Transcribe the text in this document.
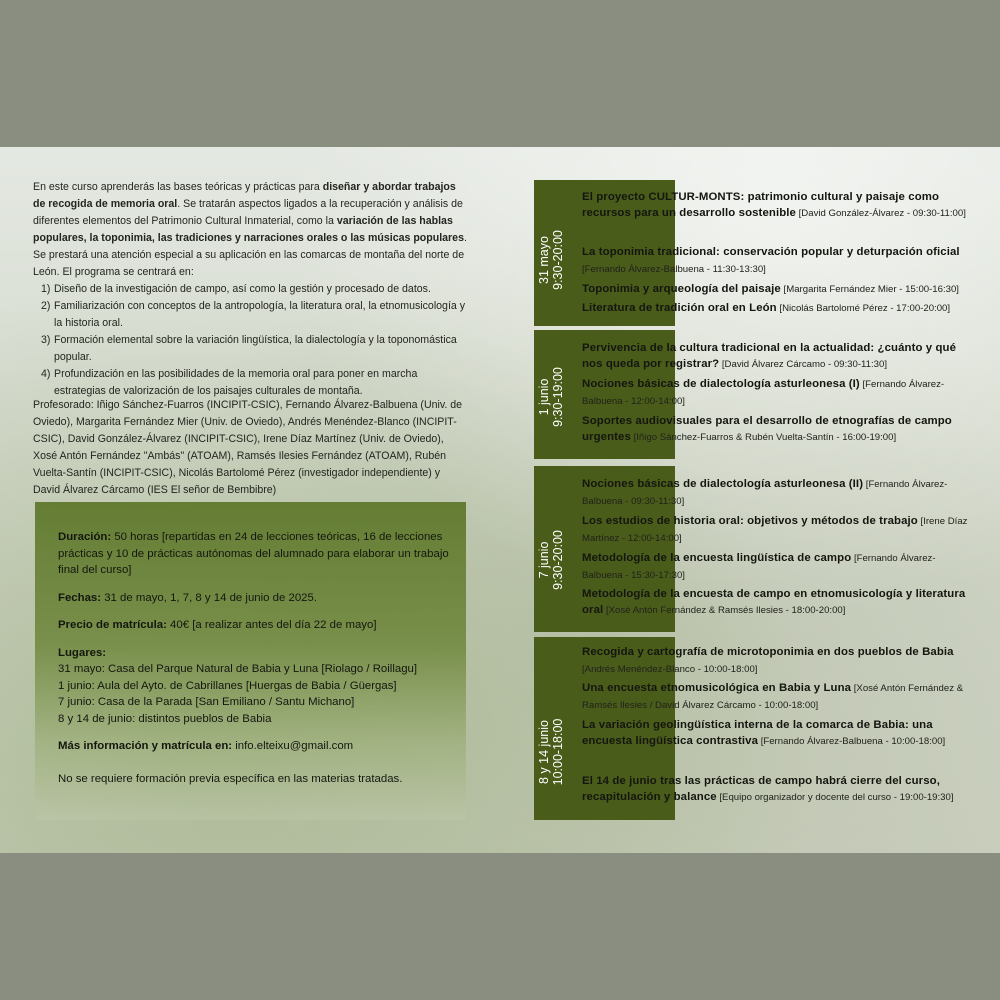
En este curso aprenderás las bases teóricas y prácticas para diseñar y abordar trabajos de recogida de memoria oral. Se tratarán aspectos ligados a la recuperación y análisis de diferentes elementos del Patrimonio Cultural Inmaterial, como la variación de las hablas populares, la toponimia, las tradiciones y narraciones orales o las músicas populares. Se prestará una atención especial a su aplicación en las comarcas de montaña del norte de León. El programa se centrará en:

1) Diseño de la investigación de campo, así como la gestión y procesado de datos.
2) Familiarización con conceptos de la antropología, la literatura oral, la etnomusicología y la historia oral.
3) Formación elemental sobre la variación lingüística, la dialectología y la toponomástica popular.
4) Profundización en las posibilidades de la memoria oral para poner en marcha estrategias de valorización de los paisajes culturales de montaña.
Profesorado: Iñigo Sánchez-Fuarros (INCIPIT-CSIC), Fernando Álvarez-Balbuena (Univ. de Oviedo), Margarita Fernández Mier (Univ. de Oviedo), Andrés Menéndez-Blanco (INCIPIT-CSIC), David González-Álvarez (INCIPIT-CSIC), Irene Díaz Martínez (Univ. de Oviedo), Xosé Antón Fernández "Ambás" (ATOAM), Ramsés Ilesies Fernández (ATOAM), Rubén Vuelta-Santín (INCIPIT-CSIC), Nicolás Bartolomé Pérez (investigador independiente) y David Álvarez Cárcamo (IES El señor de Bembibre)
Duración: 50 horas [repartidas en 24 de lecciones teóricas, 16 de lecciones prácticas y 10 de prácticas autónomas del alumnado para elaborar un trabajo final del curso]
Fechas: 31 de mayo, 1, 7, 8 y 14 de junio de 2025.
Precio de matrícula: 40€ [a realizar antes del día 22 de mayo]
Lugares:
31 mayo: Casa del Parque Natural de Babia y Luna [Riolago / Roillagu]
1 junio: Aula del Ayto. de Cabrillanes [Huergas de Babia / Güergas]
7 junio: Casa de la Parada [San Emiliano / Santu Michano]
8 y 14 de junio: distintos pueblos de Babia
Más información y matrícula en: info.elteixu@gmail.com
No se requiere formación previa específica en las materias tratadas.
31 mayo 9:30-20:00
1 junio 9:30-19:00
7 junio 9:30-20:00
8 y 14 junio 10:00-18:00
El proyecto CULTUR-MONTS: patrimonio cultural y paisaje como recursos para un desarrollo sostenible [David González-Álvarez - 09:30-11:00]
La toponimia tradicional: conservación popular y deturpación oficial [Fernando Álvarez-Balbuena - 11:30-13:30]
Toponimia y arqueología del paisaje [Margarita Fernández Mier - 15:00-16:30]
Literatura de tradición oral en León [Nicolás Bartolomé Pérez - 17:00-20:00]
Pervivencia de la cultura tradicional en la actualidad: ¿cuánto y qué nos queda por registrar? [David Álvarez Cárcamo - 09:30-11:30]
Nociones básicas de dialectología asturleonesa (I) [Fernando Álvarez-Balbuena - 12:00-14:00]
Soportes audiovisuales para el desarrollo de etnografías de campo urgentes [Iñigo Sánchez-Fuarros & Rubén Vuelta-Santín - 16:00-19:00]
Nociones básicas de dialectología asturleonesa (II) [Fernando Álvarez-Balbuena - 09:30-11:30]
Los estudios de historia oral: objetivos y métodos de trabajo [Irene Díaz Martínez - 12:00-14:00]
Metodología de la encuesta lingüística de campo [Fernando Álvarez-Balbuena - 15:30-17:30]
Metodología de la encuesta de campo en etnomusicología y literatura oral [Xosé Antón Fernández & Ramsés Ilesies - 18:00-20:00]
Recogida y cartografía de microtoponimia en dos pueblos de Babia [Andrés Menéndez-Blanco - 10:00-18:00]
Una encuesta etnomusicológica en Babia y Luna [Xosé Antón Fernández & Ramsés Ilesies / David Álvarez Cárcamo - 10:00-18:00]
La variación geolingüística interna de la comarca de Babia: una encuesta lingüística contrastiva [Fernando Álvarez-Balbuena - 10:00-18:00]
El 14 de junio tras las prácticas de campo habrá cierre del curso, recapitulación y balance [Equipo organizador y docente del curso - 19:00-19:30]
